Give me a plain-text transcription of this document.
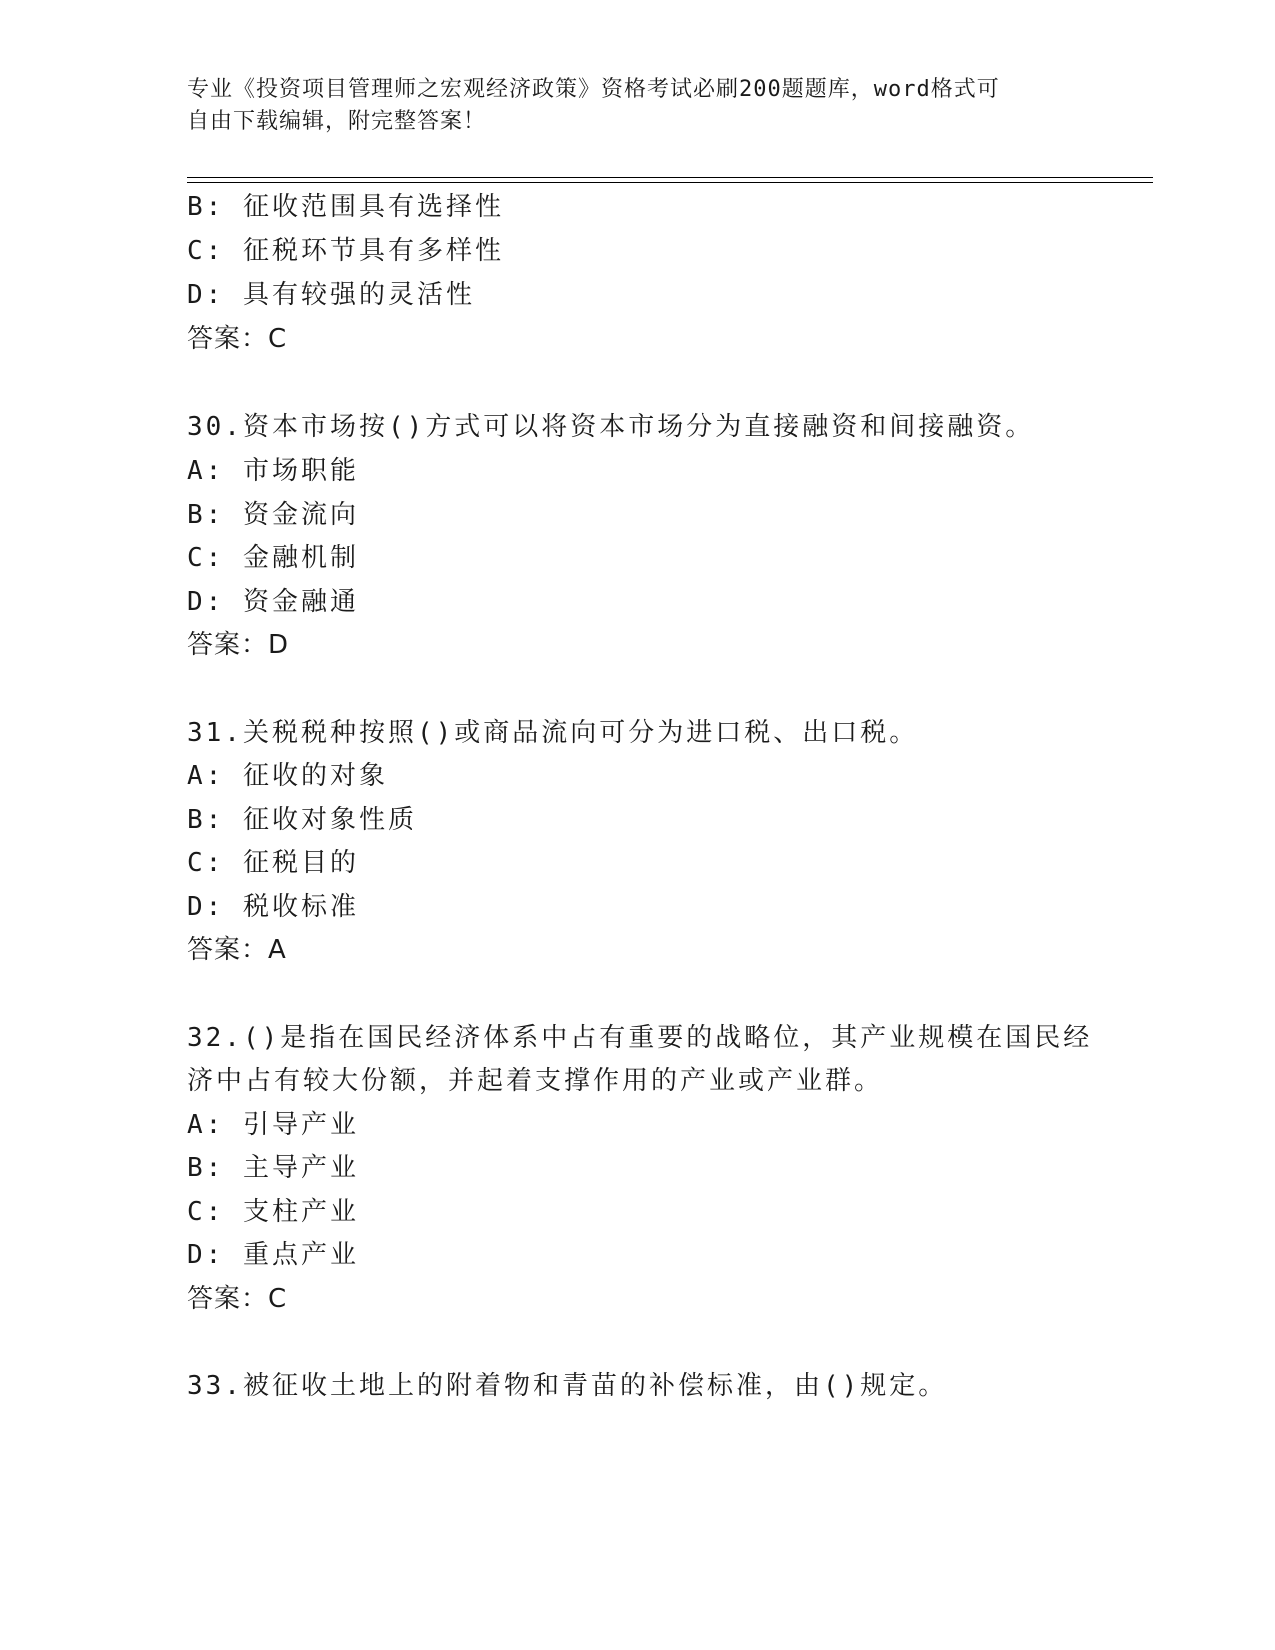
专业《投资项目管理师之宏观经济政策》资格考试必刷200题题库，word格式可
自由下载编辑，附完整答案！
B: 征收范围具有选择性
C: 征税环节具有多样性
D: 具有较强的灵活性
答案：C
30.资本市场按()方式可以将资本市场分为直接融资和间接融资。
A: 市场职能
B: 资金流向
C: 金融机制
D: 资金融通
答案：D
31.关税税种按照()或商品流向可分为进口税、出口税。
A: 征收的对象
B: 征收对象性质
C: 征税目的
D: 税收标准
答案：A
32.()是指在国民经济体系中占有重要的战略位，其产业规模在国民经
济中占有较大份额，并起着支撑作用的产业或产业群。
A: 引导产业
B: 主导产业
C: 支柱产业
D: 重点产业
答案：C
33.被征收土地上的附着物和青苗的补偿标准，由()规定。
